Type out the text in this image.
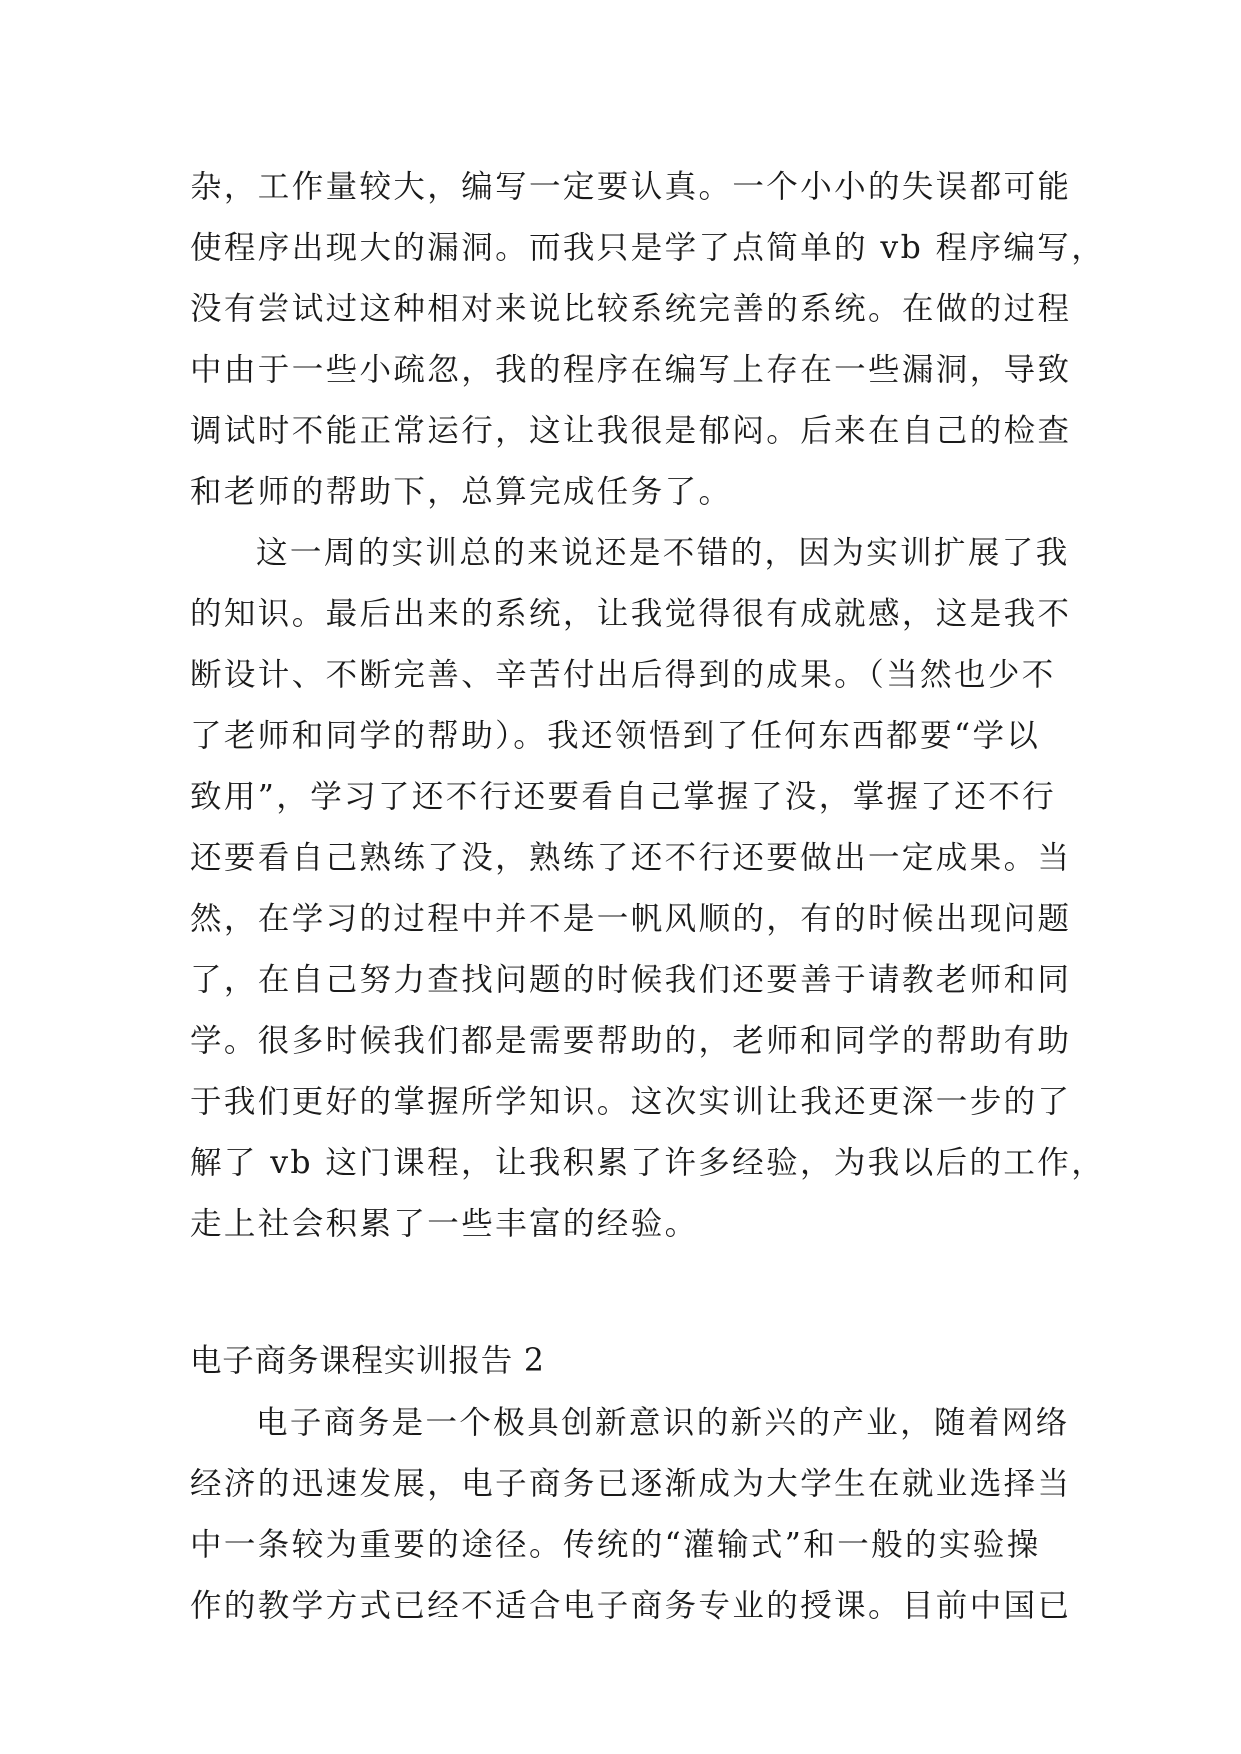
杂，工作量较大，编写一定要认真。一个小小的失误都可能
使程序出现大的漏洞。而我只是学了点简单的 vb 程序编写，
没有尝试过这种相对来说比较系统完善的系统。在做的过程
中由于一些小疏忽，我的程序在编写上存在一些漏洞，导致
调试时不能正常运行，这让我很是郁闷。后来在自己的检查
和老师的帮助下，总算完成任务了。
这一周的实训总的来说还是不错的，因为实训扩展了我
的知识。最后出来的系统，让我觉得很有成就感，这是我不
断设计、不断完善、辛苦付出后得到的成果。（当然也少不
了老师和同学的帮助）。我还领悟到了任何东西都要“学以
致用”，学习了还不行还要看自己掌握了没，掌握了还不行
还要看自己熟练了没，熟练了还不行还要做出一定成果。当
然，在学习的过程中并不是一帆风顺的，有的时候出现问题
了，在自己努力查找问题的时候我们还要善于请教老师和同
学。很多时候我们都是需要帮助的，老师和同学的帮助有助
于我们更好的掌握所学知识。这次实训让我还更深一步的了
解了 vb 这门课程，让我积累了许多经验，为我以后的工作，
走上社会积累了一些丰富的经验。
电子商务课程实训报告 2
电子商务是一个极具创新意识的新兴的产业，随着网络
经济的迅速发展，电子商务已逐渐成为大学生在就业选择当
中一条较为重要的途径。传统的“灌输式”和一般的实验操
作的教学方式已经不适合电子商务专业的授课。目前中国已
